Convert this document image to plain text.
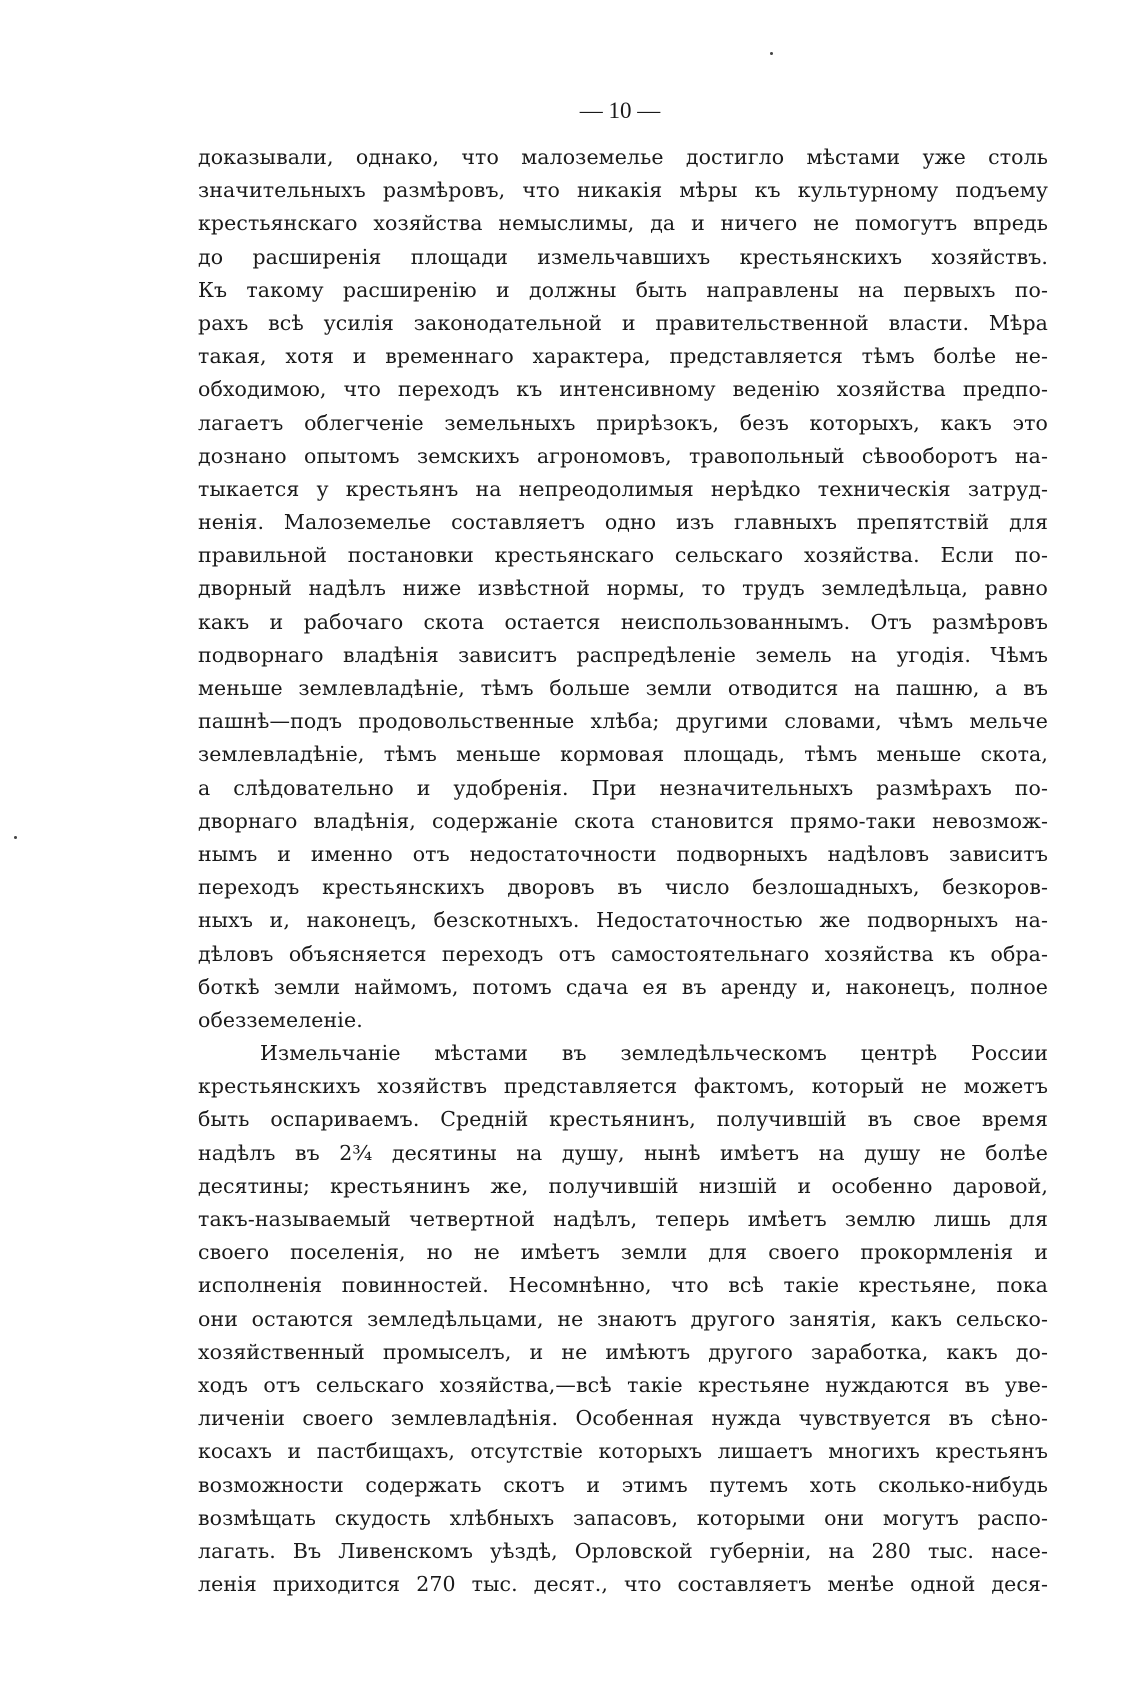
— 10 —
доказывали, однако, что малоземелье достигло мѣстами уже столь
значительныхъ размѣровъ, что никакія мѣры къ культурному подъему
крестьянскаго хозяйства немыслимы, да и ничего не помогутъ впредь
до расширенія площади измельчавшихъ крестьянскихъ хозяйствъ.
Къ такому расширенію и должны быть направлены на первыхъ по-
рахъ всѣ усилія законодательной и правительственной власти. Мѣра
такая, хотя и временнаго характера, представляется тѣмъ болѣе не-
обходимою, что переходъ къ интенсивному веденію хозяйства предпо-
лагаетъ облегченіе земельныхъ прирѣзокъ, безъ которыхъ, какъ это
дознано опытомъ земскихъ агрономовъ, травопольный сѣвооборотъ на-
тыкается у крестьянъ на непреодолимыя нерѣдко техническія затруд-
ненія. Малоземелье составляетъ одно изъ главныхъ препятствій для
правильной постановки крестьянскаго сельскаго хозяйства. Если по-
дворный надѣлъ ниже извѣстной нормы, то трудъ земледѣльца, равно
какъ и рабочаго скота остается неиспользованнымъ. Отъ размѣровъ
подворнаго владѣнія зависитъ распредѣленіе земель на угодія. Чѣмъ
меньше землевладѣніе, тѣмъ больше земли отводится на пашню, а въ
пашнѣ—подъ продовольственные хлѣба; другими словами, чѣмъ мельче
землевладѣніе, тѣмъ меньше кормовая площадь, тѣмъ меньше скота,
а слѣдовательно и удобренія. При незначительныхъ размѣрахъ по-
дворнаго владѣнія, содержаніе скота становится прямо-таки невозмож-
нымъ и именно отъ недостаточности подворныхъ надѣловъ зависитъ
переходъ крестьянскихъ дворовъ въ число безлошадныхъ, безкоров-
ныхъ и, наконецъ, безскотныхъ. Недостаточностью же подворныхъ на-
дѣловъ объясняется переходъ отъ самостоятельнаго хозяйства къ обра-
боткѣ земли наймомъ, потомъ сдача ея въ аренду и, наконецъ, полное
обезземеленіе.
Измельчаніе мѣстами въ земледѣльческомъ центрѣ России
крестьянскихъ хозяйствъ представляется фактомъ, который не можетъ
быть оспариваемъ. Средній крестьянинъ, получившій въ свое время
надѣлъ въ 2¾ десятины на душу, нынѣ имѣетъ на душу не болѣе
десятины; крестьянинъ же, получившій низшій и особенно даровой,
такъ-называемый четвертной надѣлъ, теперь имѣетъ землю лишь для
своего поселенія, но не имѣетъ земли для своего прокормленія и
исполненія повинностей. Несомнѣнно, что всѣ такіе крестьяне, пока
они остаются земледѣльцами, не знаютъ другого занятія, какъ сельско-
хозяйственный промыселъ, и не имѣютъ другого заработка, какъ до-
ходъ отъ сельскаго хозяйства,—всѣ такіе крестьяне нуждаются въ уве-
личеніи своего землевладѣнія. Особенная нужда чувствуется въ сѣно-
косахъ и пастбищахъ, отсутствіе которыхъ лишаетъ многихъ крестьянъ
возможности содержать скотъ и этимъ путемъ хоть сколько-нибудь
возмѣщать скудость хлѣбныхъ запасовъ, которыми они могутъ распо-
лагать. Въ Ливенскомъ уѣздѣ, Орловской губерніи, на 280 тыс. насе-
ленія приходится 270 тыс. десят., что составляетъ менѣе одной деся-
